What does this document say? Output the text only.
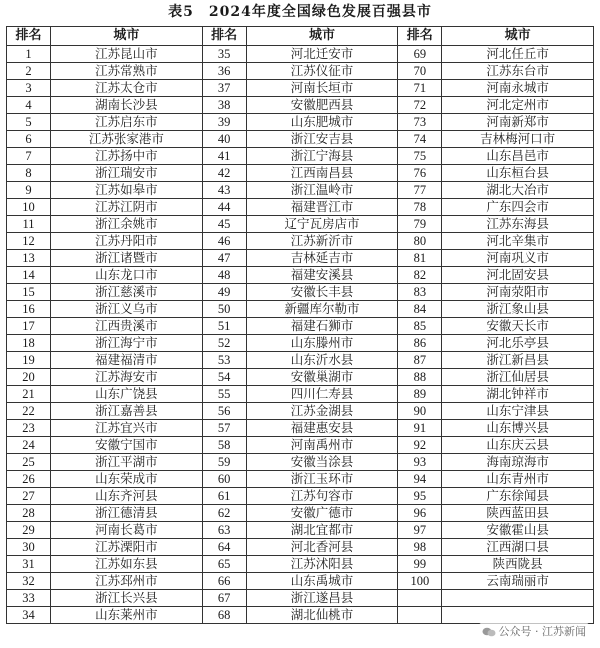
表5　2024年度全国绿色发展百强县市
排名	城市	排名	城市	排名	城市
1	江苏昆山市	35	河北迁安市	69	河北任丘市
2	江苏常熟市	36	江苏仪征市	70	江苏东台市
3	江苏太仓市	37	河南长垣市	71	河南永城市
4	湖南长沙县	38	安徽肥西县	72	河北定州市
5	江苏启东市	39	山东肥城市	73	河南新郑市
6	江苏张家港市	40	浙江安吉县	74	吉林梅河口市
7	江苏扬中市	41	浙江宁海县	75	山东昌邑市
8	浙江瑞安市	42	江西南昌县	76	山东桓台县
9	江苏如皋市	43	浙江温岭市	77	湖北大冶市
10	江苏江阴市	44	福建晋江市	78	广东四会市
11	浙江余姚市	45	辽宁瓦房店市	79	江苏东海县
12	江苏丹阳市	46	江苏新沂市	80	河北辛集市
13	浙江诸暨市	47	吉林延吉市	81	河南巩义市
14	山东龙口市	48	福建安溪县	82	河北固安县
15	浙江慈溪市	49	安徽长丰县	83	河南荥阳市
16	浙江义乌市	50	新疆库尔勒市	84	浙江象山县
17	江西贵溪市	51	福建石狮市	85	安徽天长市
18	浙江海宁市	52	山东滕州市	86	河北乐亭县
19	福建福清市	53	山东沂水县	87	浙江新昌县
20	江苏海安市	54	安徽巢湖市	88	浙江仙居县
21	山东广饶县	55	四川仁寿县	89	湖北钟祥市
22	浙江嘉善县	56	江苏金湖县	90	山东宁津县
23	江苏宜兴市	57	福建惠安县	91	山东博兴县
24	安徽宁国市	58	河南禹州市	92	山东庆云县
25	浙江平湖市	59	安徽当涂县	93	海南琼海市
26	山东荣成市	60	浙江玉环市	94	山东青州市
27	山东齐河县	61	江苏句容市	95	广东徐闻县
28	浙江德清县	62	安徽广德市	96	陕西蓝田县
29	河南长葛市	63	湖北宜都市	97	安徽霍山县
30	江苏溧阳市	64	河北香河县	98	江西湖口县
31	江苏如东县	65	江苏沭阳县	99	陕西陇县
32	江苏邳州市	66	山东禹城市	100	云南瑞丽市
33	浙江长兴县	67	浙江遂昌县		
34	山东莱州市	68	湖北仙桃市		
公众号 · 江苏新闻
